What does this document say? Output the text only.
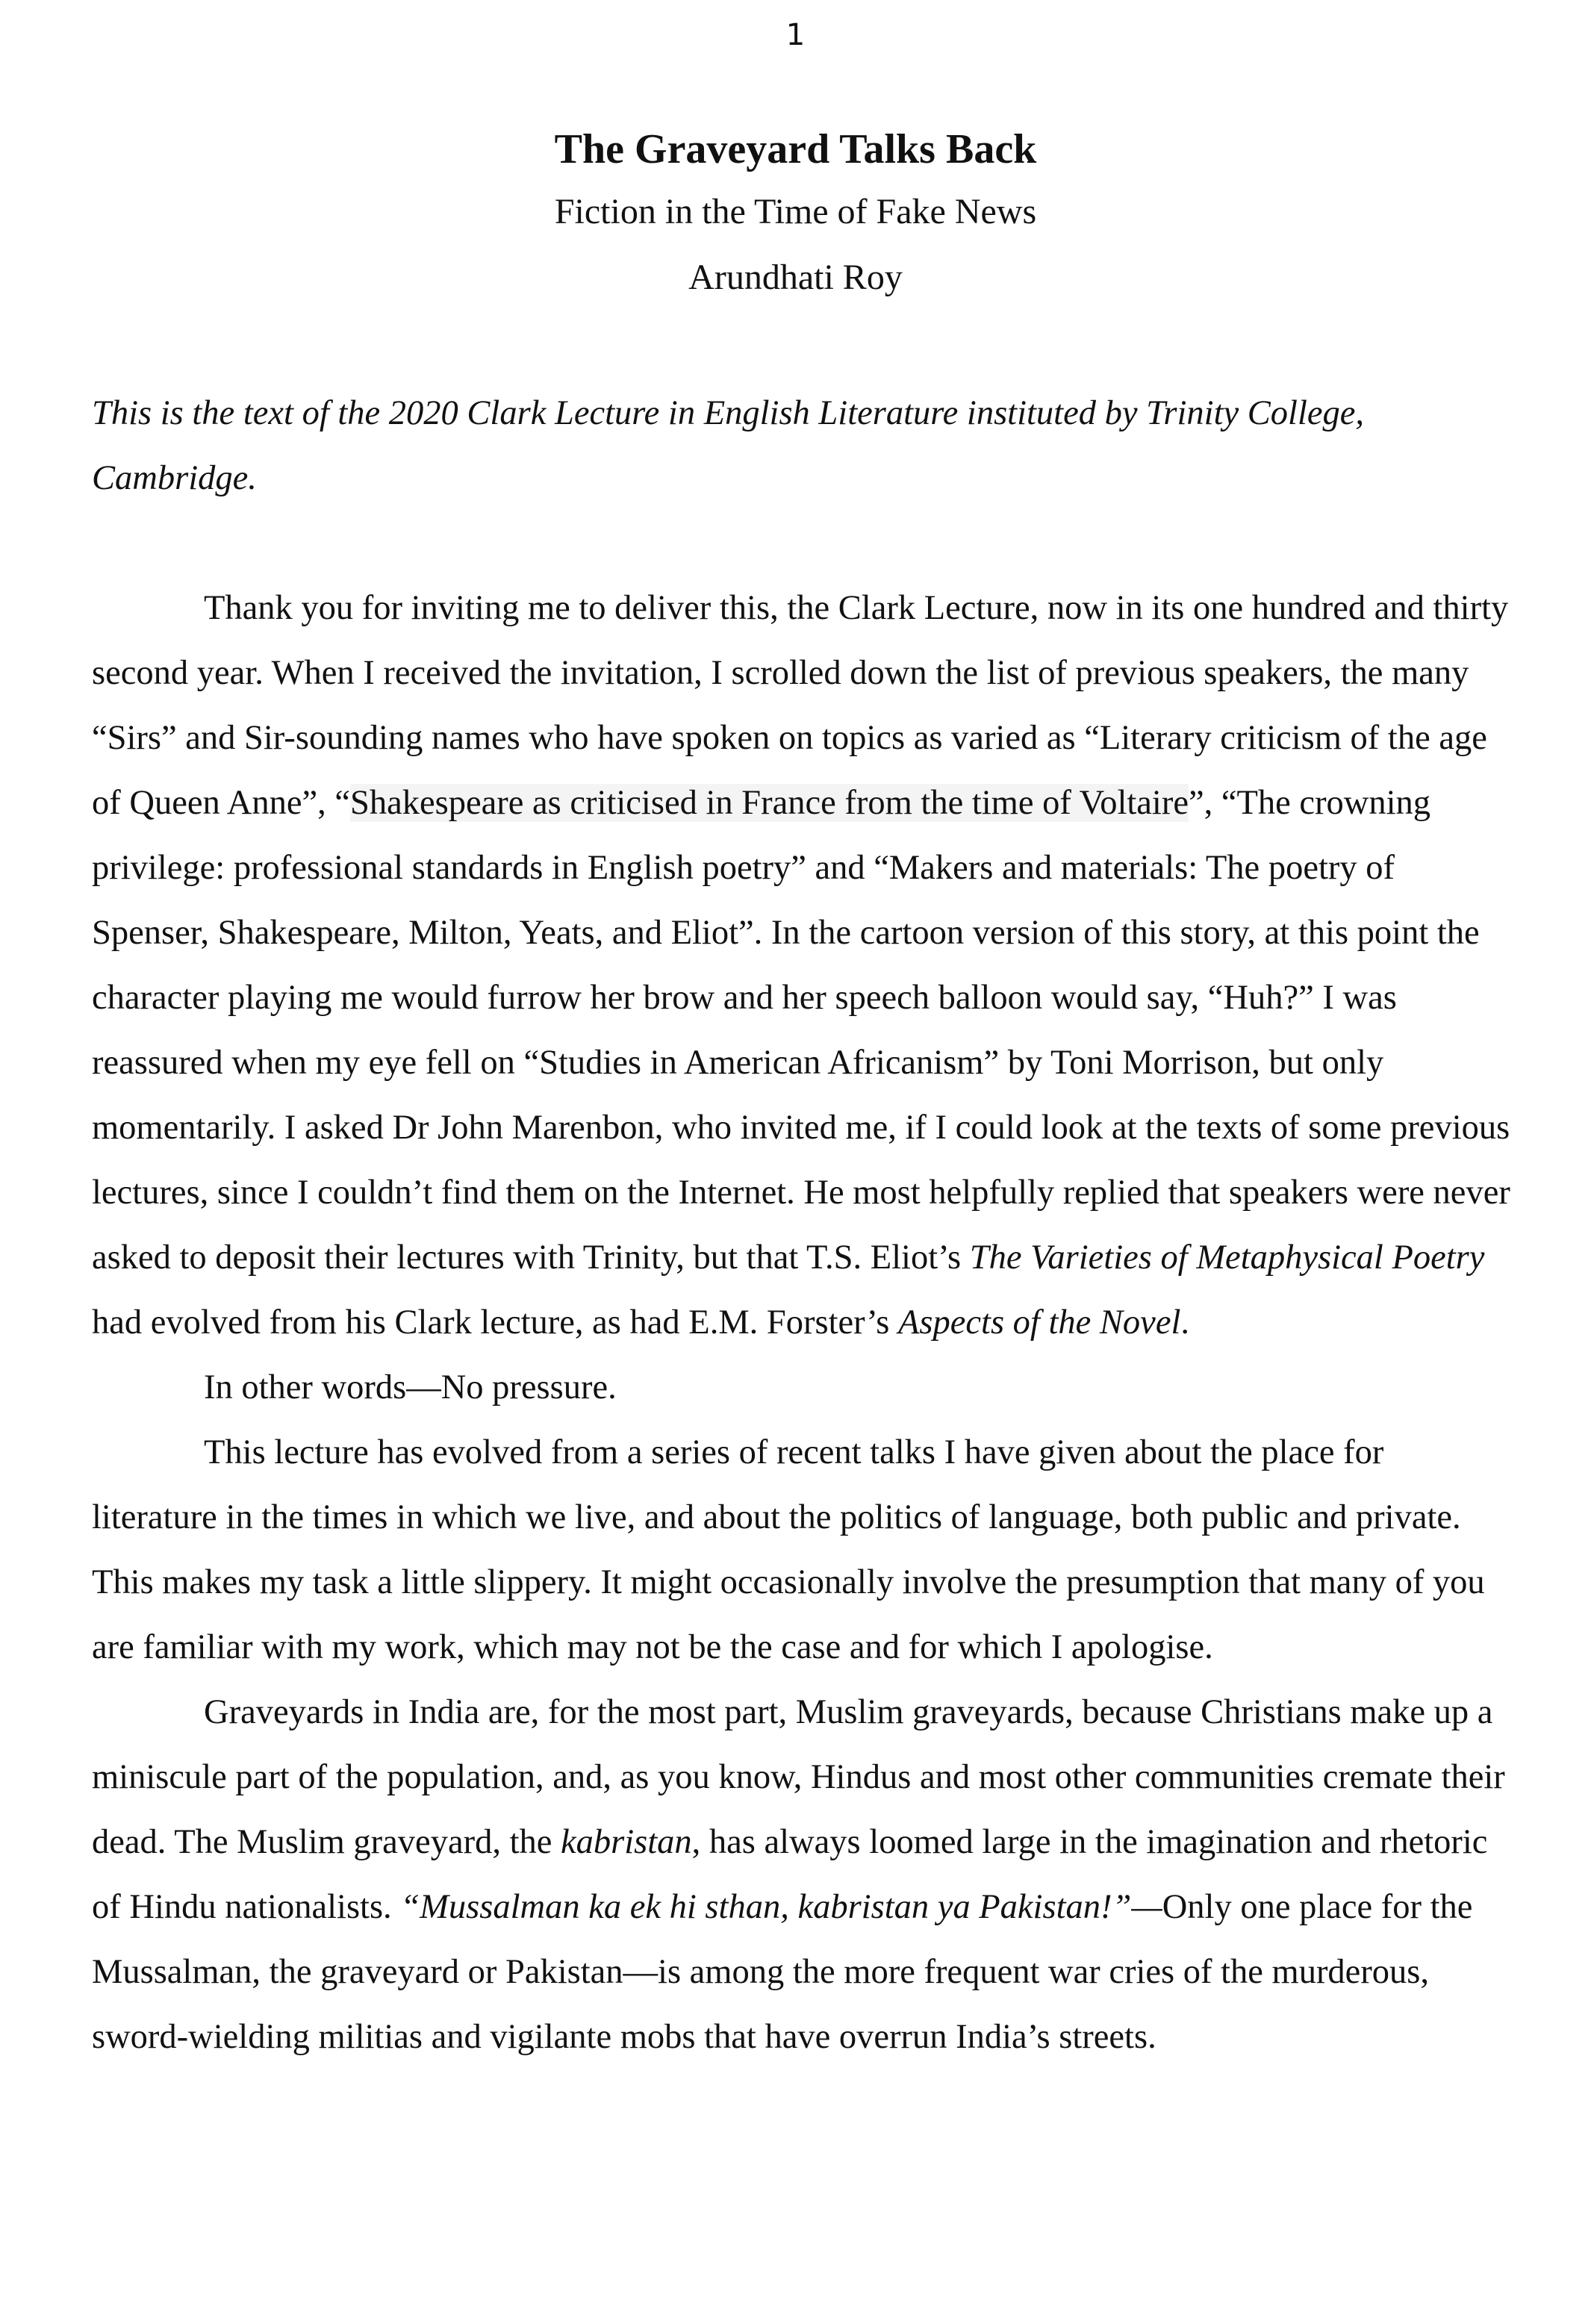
1

The Graveyard Talks Back

Fiction in the Time of Fake News

Arundhati Roy

This is the text of the 2020 Clark Lecture in English Literature instituted by Trinity College, Cambridge.

Thank you for inviting me to deliver this, the Clark Lecture, now in its one hundred and thirty second year. When I received the invitation, I scrolled down the list of previous speakers, the many “Sirs” and Sir-sounding names who have spoken on topics as varied as “Literary criticism of the age of Queen Anne”, “Shakespeare as criticised in France from the time of Voltaire”, “The crowning privilege: professional standards in English poetry” and “Makers and materials: The poetry of Spenser, Shakespeare, Milton, Yeats, and Eliot”. In the cartoon version of this story, at this point the character playing me would furrow her brow and her speech balloon would say, “Huh?” I was reassured when my eye fell on “Studies in American Africanism” by Toni Morrison, but only momentarily. I asked Dr John Marenbon, who invited me, if I could look at the texts of some previous lectures, since I couldn’t find them on the Internet. He most helpfully replied that speakers were never asked to deposit their lectures with Trinity, but that T.S. Eliot’s The Varieties of Metaphysical Poetry had evolved from his Clark lecture, as had E.M. Forster’s Aspects of the Novel.

In other words—No pressure.

This lecture has evolved from a series of recent talks I have given about the place for literature in the times in which we live, and about the politics of language, both public and private. This makes my task a little slippery. It might occasionally involve the presumption that many of you are familiar with my work, which may not be the case and for which I apologise.

Graveyards in India are, for the most part, Muslim graveyards, because Christians make up a miniscule part of the population, and, as you know, Hindus and most other communities cremate their dead. The Muslim graveyard, the kabristan, has always loomed large in the imagination and rhetoric of Hindu nationalists. “Mussalman ka ek hi sthan, kabristan ya Pakistan!”—Only one place for the Mussalman, the graveyard or Pakistan—is among the more frequent war cries of the murderous, sword-wielding militias and vigilante mobs that have overrun India’s streets.
